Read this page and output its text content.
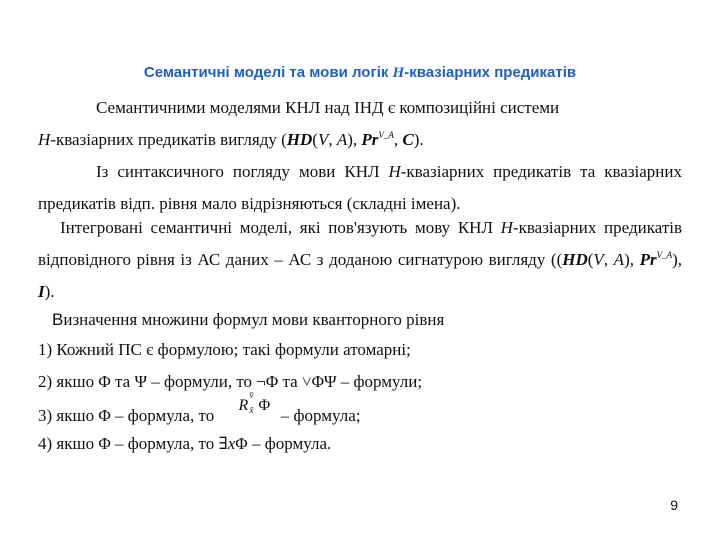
Семантичні моделі та мови логік H-квазіарних предикатів
Семантичними моделями КНЛ над ІНД є композиційні системи
H-квазіарних предикатів вигляду (HD(V, A), $Pr^{V\_A}$, C).
Із синтаксичного погляду мови КНЛ H-квазіарних предикатів та квазіарних предикатів відп. рівня мало відрізняються (складні імена).
Інтегровані семантичні моделі, які пов'язують мову КНЛ H-квазіарних предикатів відповідного рівня із АС даних – АС з доданою сигнатурою вигляду ((HD(V, A), $Pr^{V\_A}$), I).
Визначення множини формул мови кванторного рівня
1) Кожний ПС є формулою; такі формули атомарні;
2) якшо Φ та Ψ – формули, то ¬Φ та ˅ΦΨ – формули;
3) якшо Φ – формула, то
R
v̄
x̄ Φ
– формула;
4) якшо Φ – формула, то ∃xΦ – формула.
9
